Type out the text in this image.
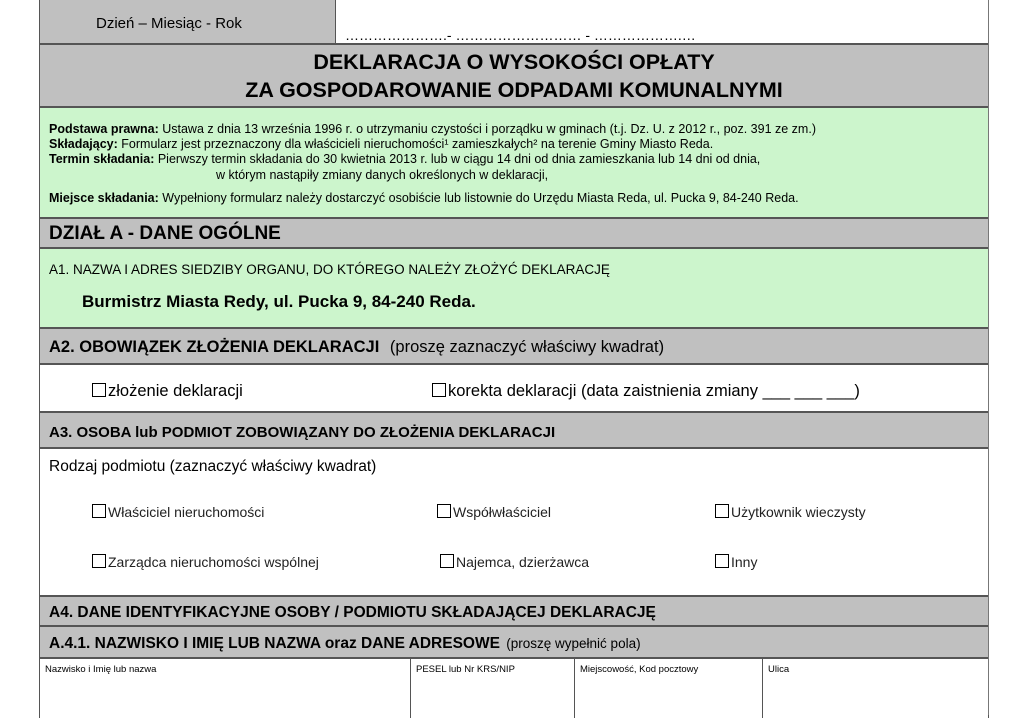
Dzień – Miesiąc - Rok
………………….- ……………………… - ……………….…
DEKLARACJA O WYSOKOŚCI OPŁATY
ZA GOSPODAROWANIE ODPADAMI KOMUNALNYMI
Podstawa prawna: Ustawa z dnia 13 września 1996 r. o utrzymaniu czystości i porządku w gminach (t.j. Dz. U. z 2012 r., poz. 391 ze zm.)
Składający: Formularz jest przeznaczony dla właścicieli nieruchomości¹ zamieszkałych² na terenie Gminy Miasto Reda.
Termin składania: Pierwszy termin składania do 30 kwietnia 2013 r. lub w ciągu 14 dni od dnia zamieszkania lub 14 dni od dnia,
w którym nastąpiły zmiany danych określonych w deklaracji,
Miejsce składania: Wypełniony formularz należy dostarczyć osobiście lub listownie do Urzędu Miasta Reda, ul. Pucka 9, 84-240 Reda.
DZIAŁ A - DANE OGÓLNE
A1. NAZWA I ADRES SIEDZIBY ORGANU, DO KTÓREGO NALEŻY ZŁOŻYĆ DEKLARACJĘ
Burmistrz Miasta Redy, ul. Pucka 9, 84-240 Reda.
A2. OBOWIĄZEK ZŁOŻENIA DEKLARACJI (proszę zaznaczyć właściwy kwadrat)
złożenie deklaracji	korekta deklaracji (data zaistnienia zmiany ___ ___ ___)
A3. OSOBA lub PODMIOT ZOBOWIĄZANY DO ZŁOŻENIA DEKLARACJI
Rodzaj podmiotu (zaznaczyć właściwy kwadrat)
Właściciel nieruchomości	Współwłaściciel	Użytkownik wieczysty
Zarządca nieruchomości wspólnej	Najemca, dzierżawca	Inny
A4. DANE IDENTYFIKACYJNE OSOBY / PODMIOTU SKŁADAJĄCEJ DEKLARACJĘ
A.4.1. NAZWISKO I IMIĘ LUB NAZWA oraz DANE ADRESOWE (proszę wypełnić pola)
Nazwisko i Imię lub nazwa	PESEL lub Nr KRS/NIP	Miejscowość, Kod pocztowy	Ulica
